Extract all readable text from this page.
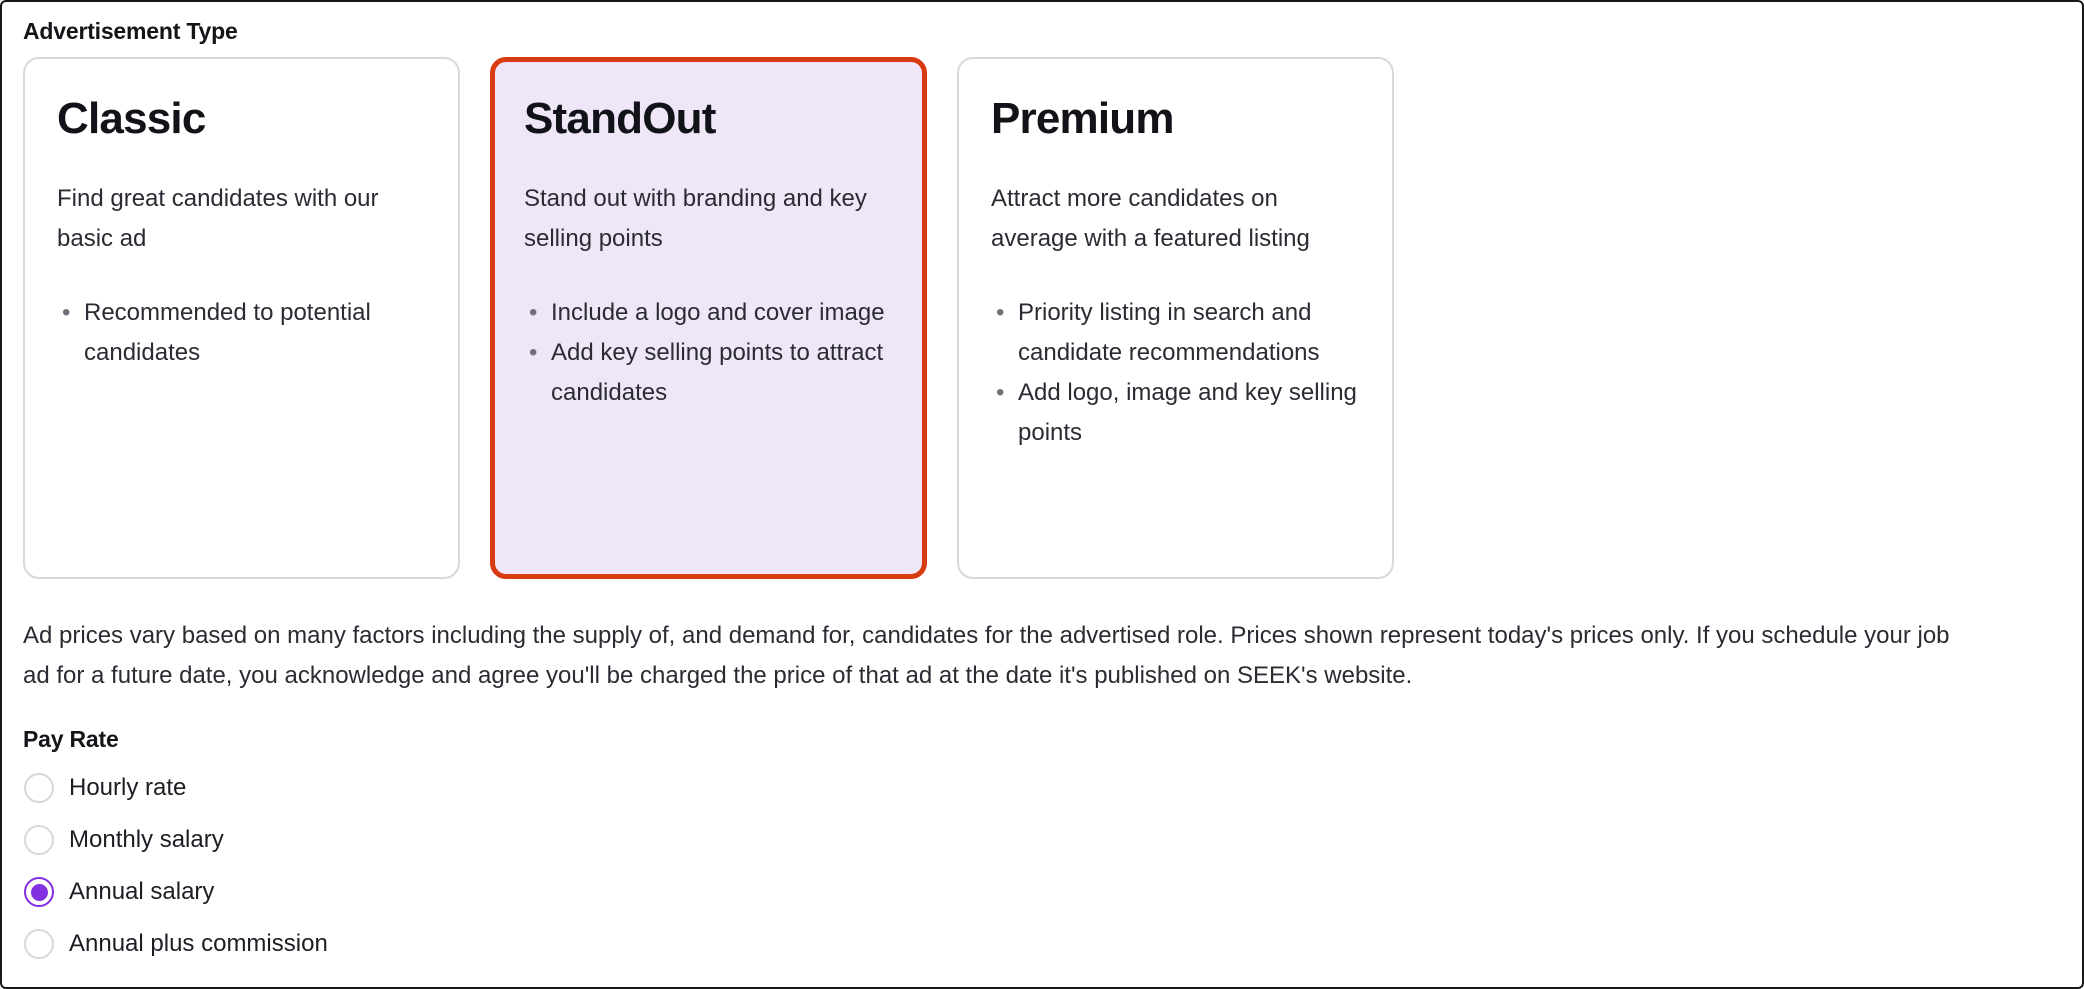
Advertisement Type
Classic
Find great candidates with our basic ad
• Recommended to potential candidates
StandOut
Stand out with branding and key selling points
• Include a logo and cover image
• Add key selling points to attract candidates
Premium
Attract more candidates on average with a featured listing
• Priority listing in search and candidate recommendations
• Add logo, image and key selling points

Ad prices vary based on many factors including the supply of, and demand for, candidates for the advertised role. Prices shown represent today's prices only. If you schedule your job ad for a future date, you acknowledge and agree you'll be charged the price of that ad at the date it's published on SEEK's website.

Pay Rate
Hourly rate
Monthly salary
Annual salary
Annual plus commission
